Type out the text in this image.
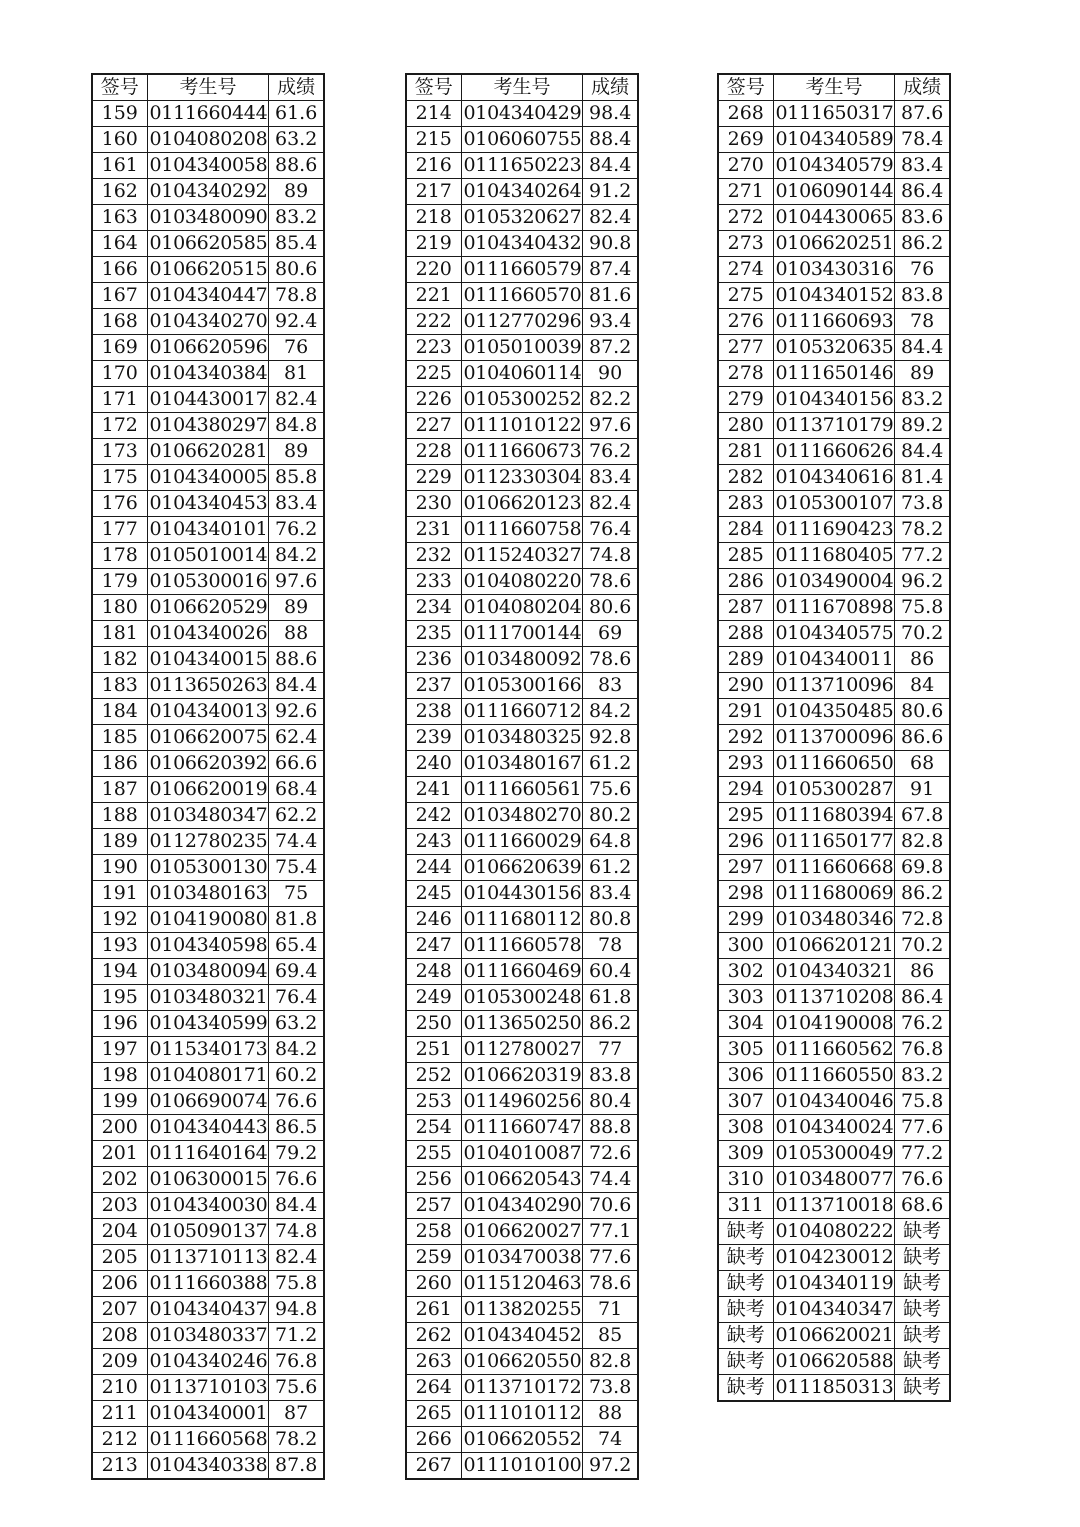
签号	考生号	成绩
159	0111660444	61.6
160	0104080208	63.2
161	0104340058	88.6
162	0104340292	89
163	0103480090	83.2
164	0106620585	85.4
166	0106620515	80.6
167	0104340447	78.8
168	0104340270	92.4
169	0106620596	76
170	0104340384	81
171	0104430017	82.4
172	0104380297	84.8
173	0106620281	89
175	0104340005	85.8
176	0104340453	83.4
177	0104340101	76.2
178	0105010014	84.2
179	0105300016	97.6
180	0106620529	89
181	0104340026	88
182	0104340015	88.6
183	0113650263	84.4
184	0104340013	92.6
185	0106620075	62.4
186	0106620392	66.6
187	0106620019	68.4
188	0103480347	62.2
189	0112780235	74.4
190	0105300130	75.4
191	0103480163	75
192	0104190080	81.8
193	0104340598	65.4
194	0103480094	69.4
195	0103480321	76.4
196	0104340599	63.2
197	0115340173	84.2
198	0104080171	60.2
199	0106690074	76.6
200	0104340443	86.5
201	0111640164	79.2
202	0106300015	76.6
203	0104340030	84.4
204	0105090137	74.8
205	0113710113	82.4
206	0111660388	75.8
207	0104340437	94.8
208	0103480337	71.2
209	0104340246	76.8
210	0113710103	75.6
211	0104340001	87
212	0111660568	78.2
213	0104340338	87.8
签号	考生号	成绩
214	0104340429	98.4
215	0106060755	88.4
216	0111650223	84.4
217	0104340264	91.2
218	0105320627	82.4
219	0104340432	90.8
220	0111660579	87.4
221	0111660570	81.6
222	0112770296	93.4
223	0105010039	87.2
225	0104060114	90
226	0105300252	82.2
227	0111010122	97.6
228	0111660673	76.2
229	0112330304	83.4
230	0106620123	82.4
231	0111660758	76.4
232	0115240327	74.8
233	0104080220	78.6
234	0104080204	80.6
235	0111700144	69
236	0103480092	78.6
237	0105300166	83
238	0111660712	84.2
239	0103480325	92.8
240	0103480167	61.2
241	0111660561	75.6
242	0103480270	80.2
243	0111660029	64.8
244	0106620639	61.2
245	0104430156	83.4
246	0111680112	80.8
247	0111660578	78
248	0111660469	60.4
249	0105300248	61.8
250	0113650250	86.2
251	0112780027	77
252	0106620319	83.8
253	0114960256	80.4
254	0111660747	88.8
255	0104010087	72.6
256	0106620543	74.4
257	0104340290	70.6
258	0106620027	77.1
259	0103470038	77.6
260	0115120463	78.6
261	0113820255	71
262	0104340452	85
263	0106620550	82.8
264	0113710172	73.8
265	0111010112	88
266	0106620552	74
267	0111010100	97.2
签号	考生号	成绩
268	0111650317	87.6
269	0104340589	78.4
270	0104340579	83.4
271	0106090144	86.4
272	0104430065	83.6
273	0106620251	86.2
274	0103430316	76
275	0104340152	83.8
276	0111660693	78
277	0105320635	84.4
278	0111650146	89
279	0104340156	83.2
280	0113710179	89.2
281	0111660626	84.4
282	0104340616	81.4
283	0105300107	73.8
284	0111690423	78.2
285	0111680405	77.2
286	0103490004	96.2
287	0111670898	75.8
288	0104340575	70.2
289	0104340011	86
290	0113710096	84
291	0104350485	80.6
292	0113700096	86.6
293	0111660650	68
294	0105300287	91
295	0111680394	67.8
296	0111650177	82.8
297	0111660668	69.8
298	0111680069	86.2
299	0103480346	72.8
300	0106620121	70.2
302	0104340321	86
303	0113710208	86.4
304	0104190008	76.2
305	0111660562	76.8
306	0111660550	83.2
307	0104340046	75.8
308	0104340024	77.6
309	0105300049	77.2
310	0103480077	76.6
311	0113710018	68.6
缺考	0104080222	缺考
缺考	0104230012	缺考
缺考	0104340119	缺考
缺考	0104340347	缺考
缺考	0106620021	缺考
缺考	0106620588	缺考
缺考	0111850313	缺考
